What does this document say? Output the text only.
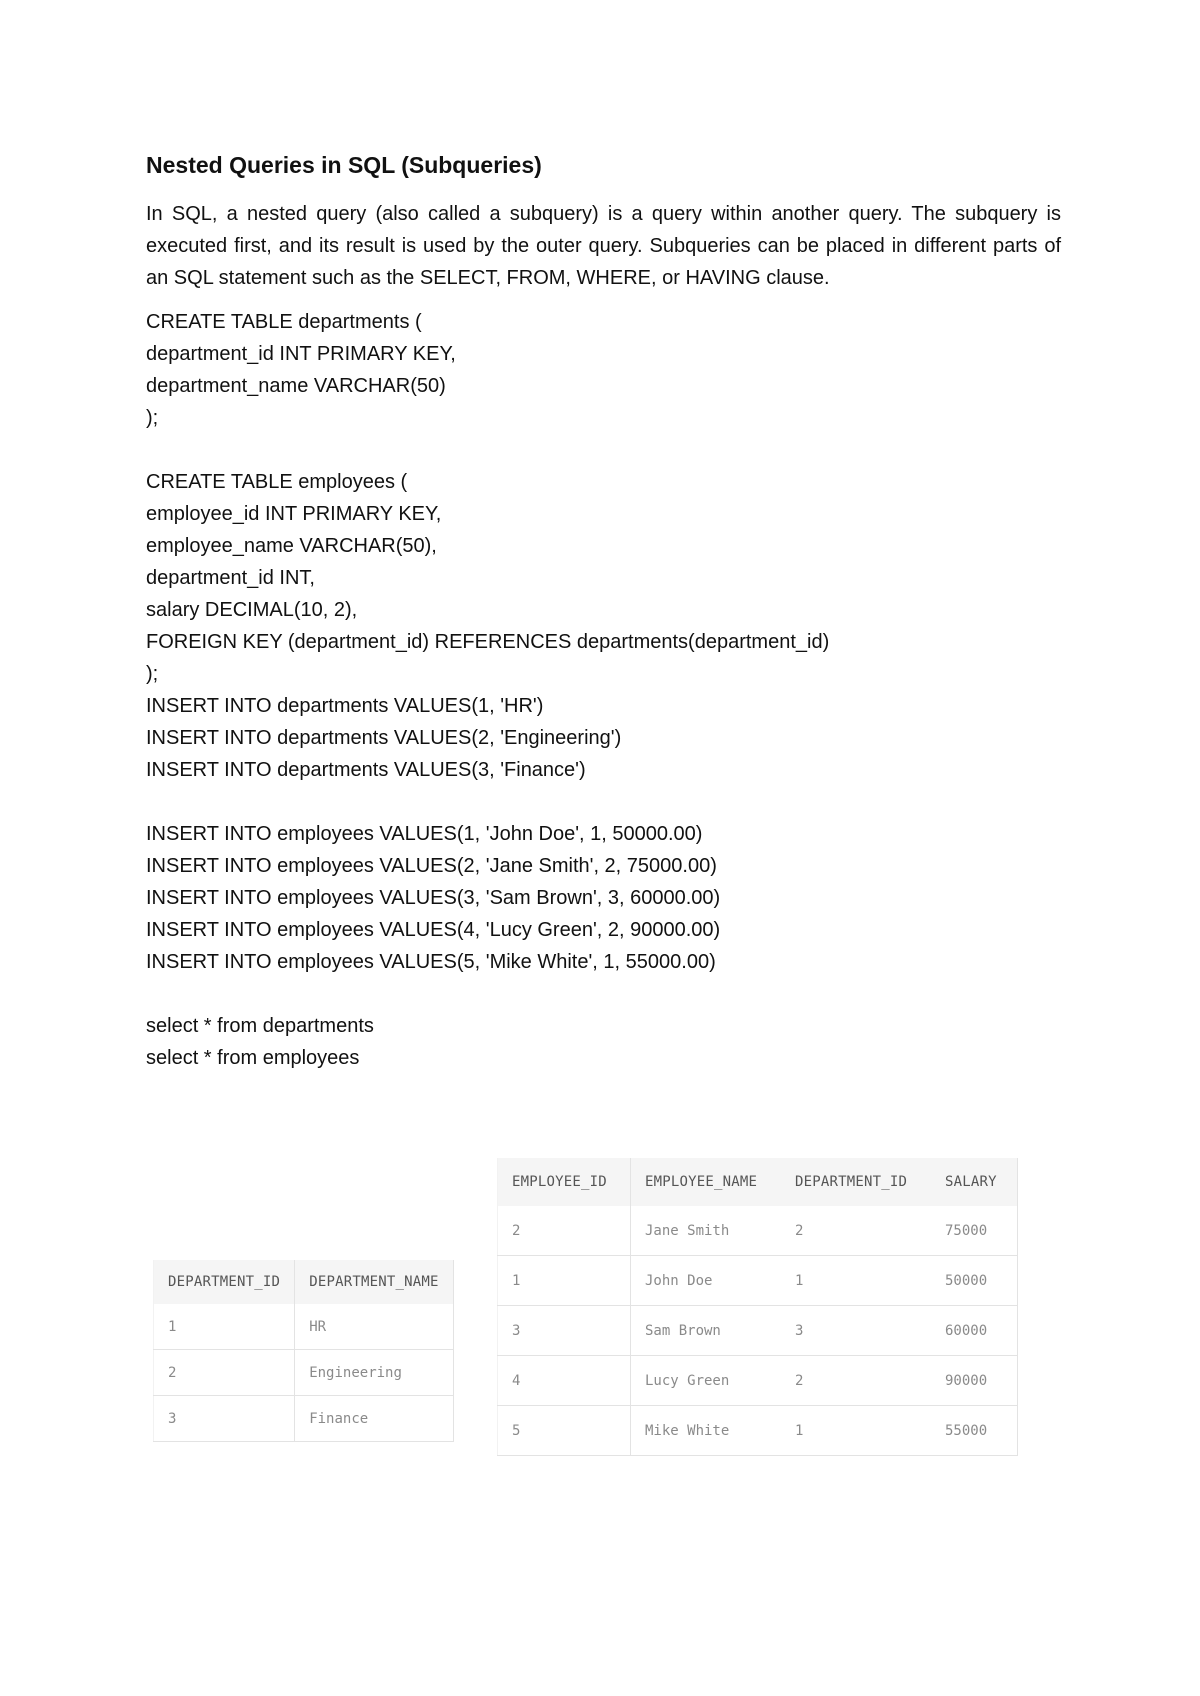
Nested Queries in SQL (Subqueries)
In SQL, a nested query (also called a subquery) is a query within another query. The subquery is executed first, and its result is used by the outer query. Subqueries can be placed in different parts of an SQL statement such as the SELECT, FROM, WHERE, or HAVING clause.
CREATE TABLE departments (
department_id INT PRIMARY KEY,
department_name VARCHAR(50)
);
CREATE TABLE employees (
employee_id INT PRIMARY KEY,
employee_name VARCHAR(50),
department_id INT,
salary DECIMAL(10, 2),
FOREIGN KEY (department_id) REFERENCES departments(department_id)
);
INSERT INTO departments VALUES(1, 'HR')
INSERT INTO departments VALUES(2, 'Engineering')
INSERT INTO departments VALUES(3, 'Finance')
INSERT INTO employees VALUES(1, 'John Doe', 1, 50000.00)
INSERT INTO employees VALUES(2, 'Jane Smith', 2, 75000.00)
INSERT INTO employees VALUES(3, 'Sam Brown', 3, 60000.00)
INSERT INTO employees VALUES(4, 'Lucy Green', 2, 90000.00)
INSERT INTO employees VALUES(5, 'Mike White', 1, 55000.00)
select * from departments
select * from employees
DEPARTMENT_ID	DEPARTMENT_NAME
1	HR
2	Engineering
3	Finance
EMPLOYEE_ID	EMPLOYEE_NAME	DEPARTMENT_ID	SALARY
2	Jane Smith	2	75000
1	John Doe	1	50000
3	Sam Brown	3	60000
4	Lucy Green	2	90000
5	Mike White	1	55000
